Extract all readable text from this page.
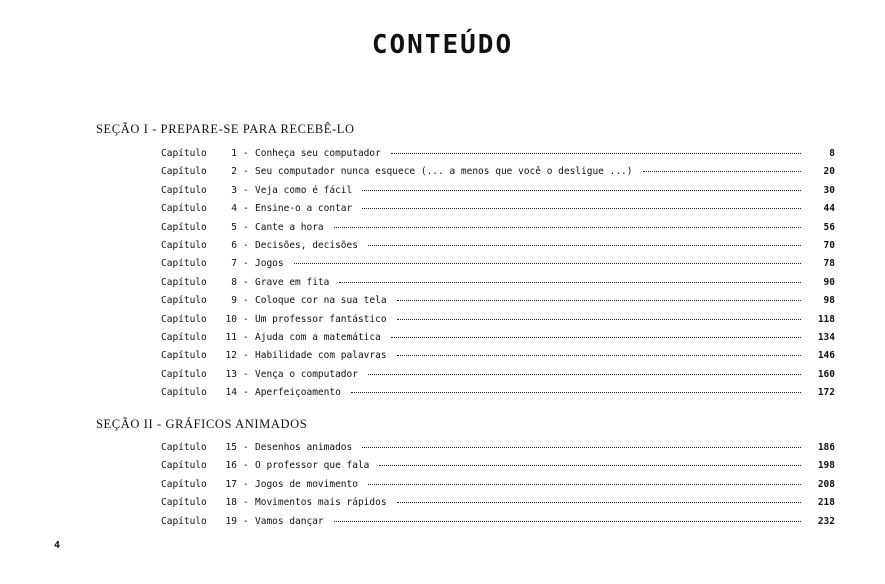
CONTEÚDO
SEÇÃO I - PREPARE-SE PARA RECEBÊ-LO
Capítulo	1 - Conheça seu computador	8
Capítulo	2 - Seu computador nunca esquece (... a menos que você o desligue ...)	20
Capítulo	3 - Veja como é fácil	30
Capítulo	4 - Ensine-o a contar	44
Capítulo	5 - Cante a hora	56
Capítulo	6 - Decisões, decisões	70
Capítulo	7 - Jogos	78
Capítulo	8 - Grave em fita	90
Capítulo	9 - Coloque cor na sua tela	98
Capítulo	10 - Um professor fantástico	118
Capítulo	11 - Ajuda com a matemática	134
Capítulo	12 - Habilidade com palavras	146
Capítulo	13 - Vença o computador	160
Capítulo	14 - Aperfeiçoamento	172
SEÇÃO II - GRÁFICOS ANIMADOS
Capítulo	15 - Desenhos animados	186
Capítulo	16 - O professor que fala	198
Capítulo	17 - Jogos de movimento	208
Capítulo	18 - Movimentos mais rápidos	218
Capítulo	19 - Vamos dançar	232
4
